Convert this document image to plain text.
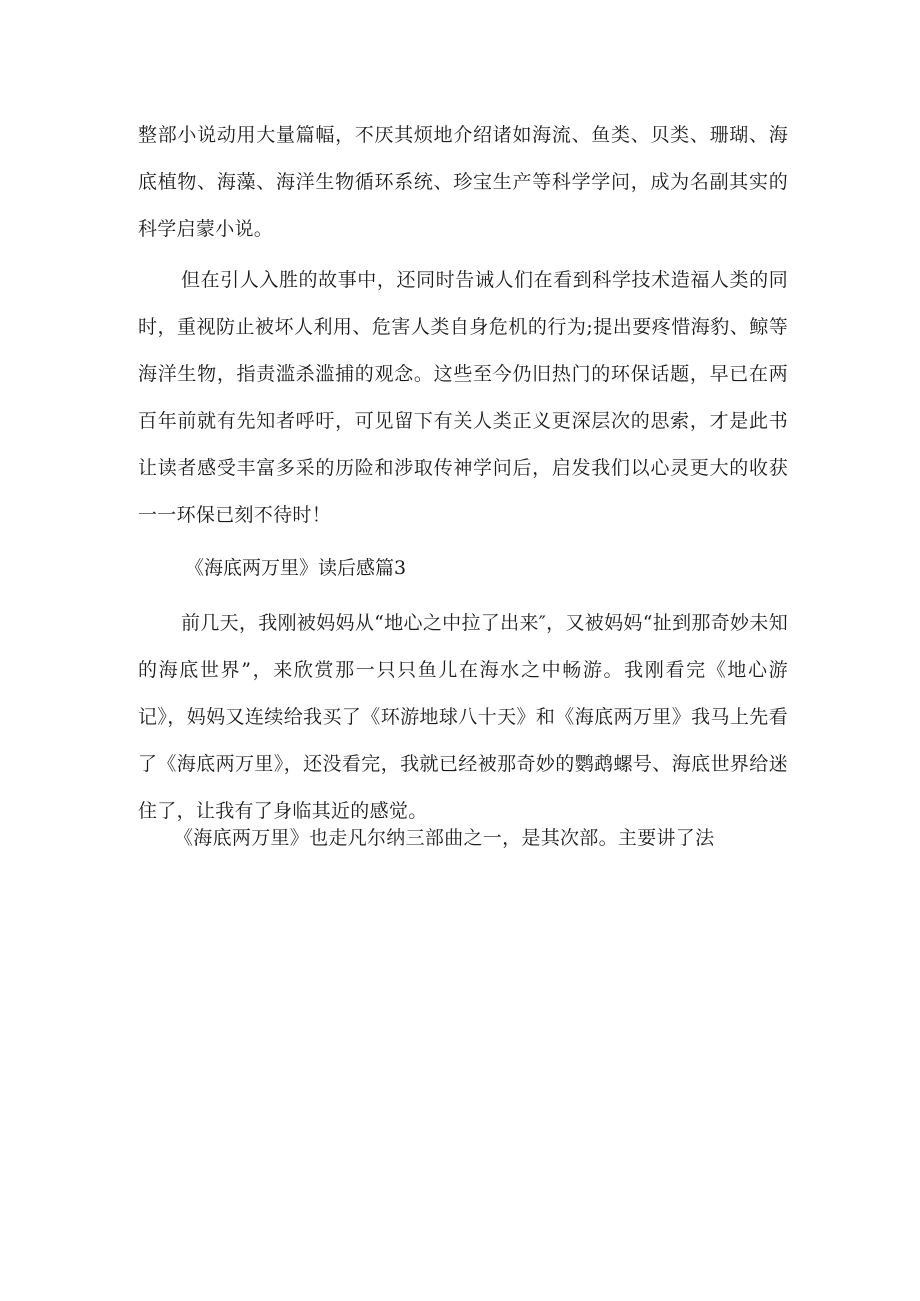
整部小说动用大量篇幅，不厌其烦地介绍诸如海流、鱼类、贝类、珊瑚、海底植物、海藻、海洋生物循环系统、珍宝生产等科学学问，成为名副其实的科学启蒙小说。

但在引人入胜的故事中，还同时告诫人们在看到科学技术造福人类的同时，重视防止被坏人利用、危害人类自身危机的行为;提出要疼惜海豹、鲸等海洋生物，指责滥杀滥捕的观念。这些至今仍旧热门的环保话题，早已在两百年前就有先知者呼吁，可见留下有关人类正义更深层次的思索，才是此书让读者感受丰富多采的历险和涉取传神学问后，启发我们以心灵更大的收获一一环保已刻不待时！

《海底两万里》读后感篇3

前几天，我刚被妈妈从“地心之中拉了出来″，又被妈妈“扯到那奇妙未知的海底世界”，来欣赏那一只只鱼儿在海水之中畅游。我刚看完《地心游记》，妈妈又连续给我买了《环游地球八十天》和《海底两万里》我马上先看了《海底两万里》，还没看完，我就已经被那奇妙的鹦鹉螺号、海底世界给迷住了，让我有了身临其近的感觉。

《海底两万里》也走凡尔纳三部曲之一，是其次部。主要讲了法
